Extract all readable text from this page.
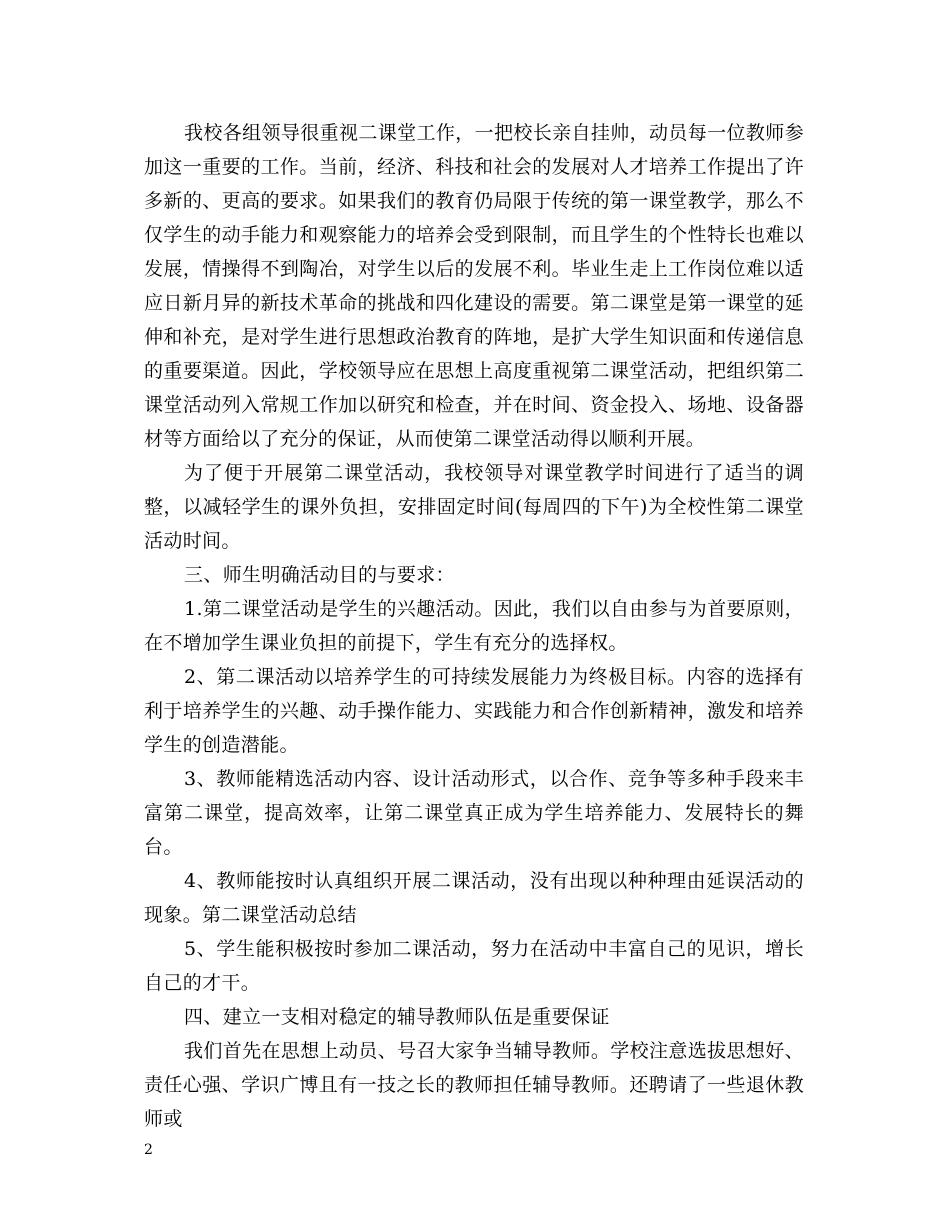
我校各组领导很重视二课堂工作，一把校长亲自挂帅，动员每一位教师参加这一重要的工作。当前，经济、科技和社会的发展对人才培养工作提出了许多新的、更高的要求。如果我们的教育仍局限于传统的第一课堂教学，那么不仅学生的动手能力和观察能力的培养会受到限制，而且学生的个性特长也难以发展，情操得不到陶冶，对学生以后的发展不利。毕业生走上工作岗位难以适应日新月异的新技术革命的挑战和四化建设的需要。第二课堂是第一课堂的延伸和补充，是对学生进行思想政治教育的阵地，是扩大学生知识面和传递信息的重要渠道。因此，学校领导应在思想上高度重视第二课堂活动，把组织第二课堂活动列入常规工作加以研究和检查，并在时间、资金投入、场地、设备器材等方面给以了充分的保证，从而使第二课堂活动得以顺利开展。

为了便于开展第二课堂活动，我校领导对课堂教学时间进行了适当的调整，以减轻学生的课外负担，安排固定时间(每周四的下午)为全校性第二课堂活动时间。

三、师生明确活动目的与要求：

1.第二课堂活动是学生的兴趣活动。因此，我们以自由参与为首要原则，在不增加学生课业负担的前提下，学生有充分的选择权。

2、第二课活动以培养学生的可持续发展能力为终极目标。内容的选择有利于培养学生的兴趣、动手操作能力、实践能力和合作创新精神，激发和培养学生的创造潜能。

3、教师能精选活动内容、设计活动形式，以合作、竞争等多种手段来丰富第二课堂，提高效率，让第二课堂真正成为学生培养能力、发展特长的舞台。

4、教师能按时认真组织开展二课活动，没有出现以种种理由延误活动的现象。第二课堂活动总结

5、学生能积极按时参加二课活动，努力在活动中丰富自己的见识，增长自己的才干。

四、建立一支相对稳定的辅导教师队伍是重要保证

我们首先在思想上动员、号召大家争当辅导教师。学校注意选拔思想好、责任心强、学识广博且有一技之长的教师担任辅导教师。还聘请了一些退休教师或

2
